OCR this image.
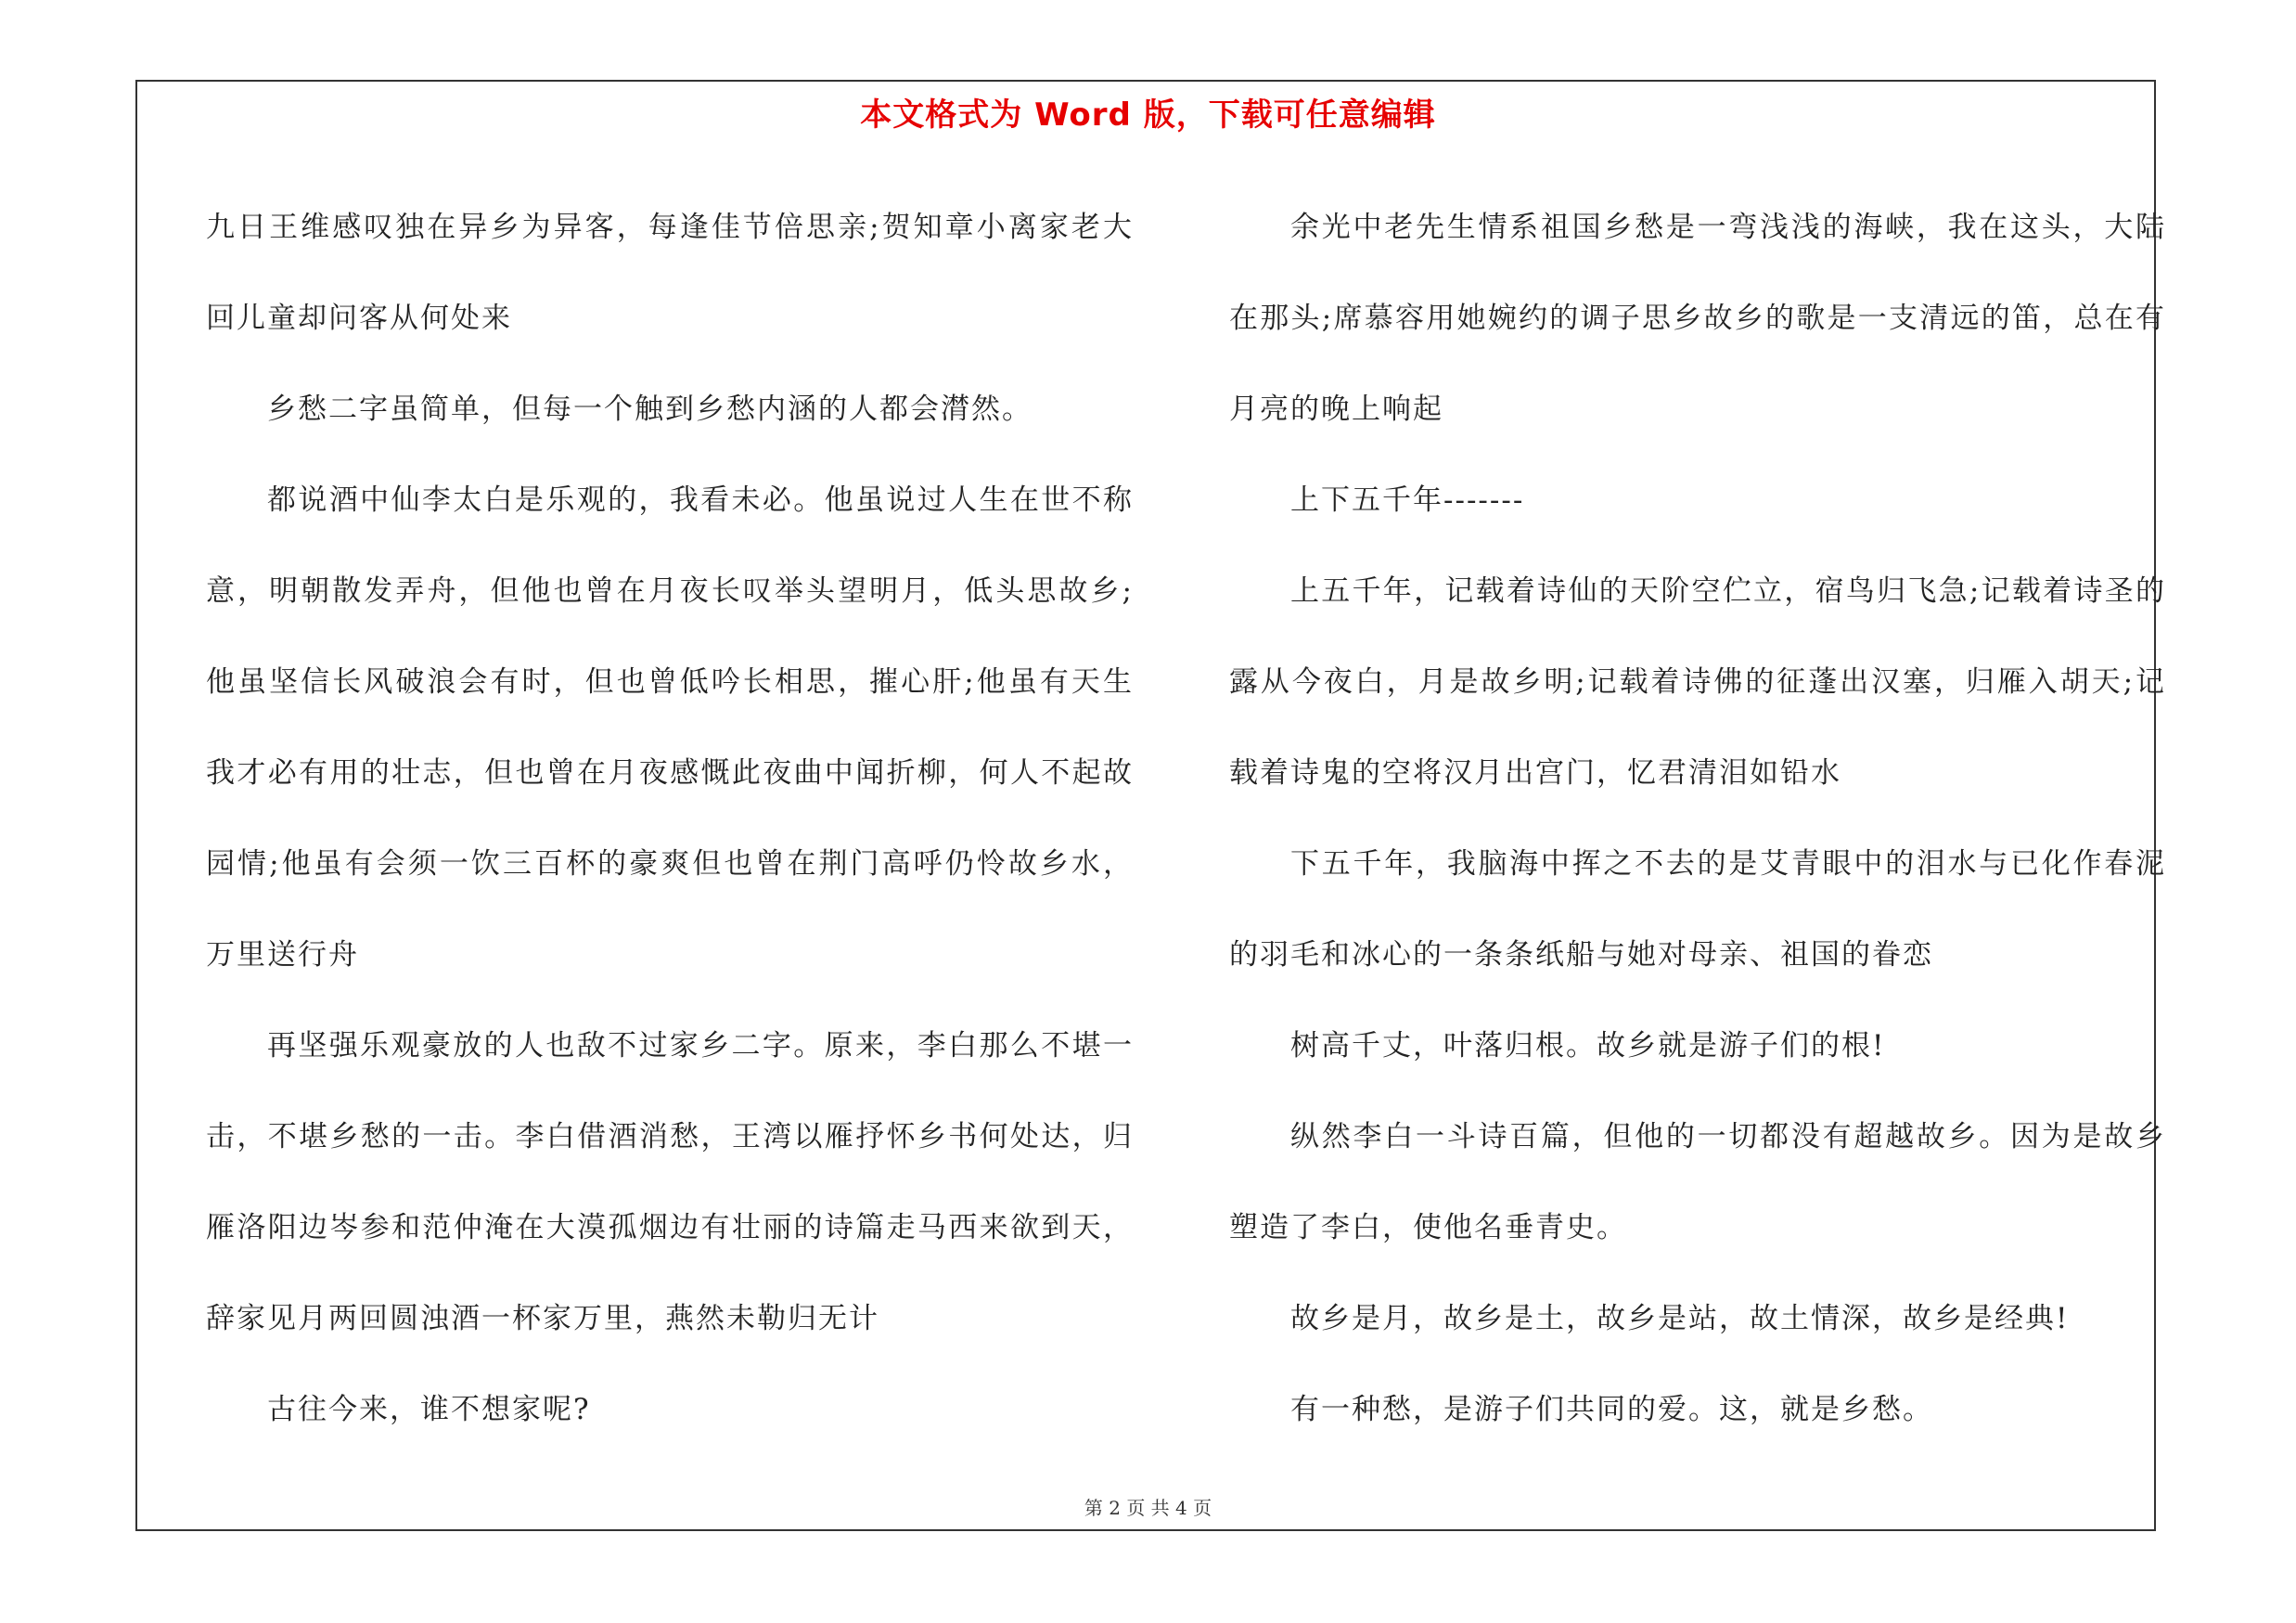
本文格式为 Word 版，下载可任意编辑

九日王维感叹独在异乡为异客，每逢佳节倍思亲;贺知章小离家老大回儿童却问客从何处来

乡愁二字虽简单，但每一个触到乡愁内涵的人都会潸然。

都说酒中仙李太白是乐观的，我看未必。他虽说过人生在世不称意，明朝散发弄舟，但他也曾在月夜长叹举头望明月，低头思故乡;他虽坚信长风破浪会有时，但也曾低吟长相思，摧心肝;他虽有天生我才必有用的壮志，但也曾在月夜感慨此夜曲中闻折柳，何人不起故园情;他虽有会须一饮三百杯的豪爽但也曾在荆门高呼仍怜故乡水，万里送行舟

再坚强乐观豪放的人也敌不过家乡二字。原来，李白那么不堪一击，不堪乡愁的一击。李白借酒消愁，王湾以雁抒怀乡书何处达，归雁洛阳边岑参和范仲淹在大漠孤烟边有壮丽的诗篇走马西来欲到天，辞家见月两回圆浊酒一杯家万里，燕然未勒归无计

古往今来，谁不想家呢?

余光中老先生情系祖国乡愁是一弯浅浅的海峡，我在这头，大陆在那头;席慕容用她婉约的调子思乡故乡的歌是一支清远的笛，总在有月亮的晚上响起

上下五千年-------

上五千年，记载着诗仙的天阶空伫立，宿鸟归飞急;记载着诗圣的露从今夜白，月是故乡明;记载着诗佛的征蓬出汉塞，归雁入胡天;记载着诗鬼的空将汉月出宫门，忆君清泪如铅水

下五千年，我脑海中挥之不去的是艾青眼中的泪水与已化作春泥的羽毛和冰心的一条条纸船与她对母亲、祖国的眷恋

树高千丈，叶落归根。故乡就是游子们的根!

纵然李白一斗诗百篇，但他的一切都没有超越故乡。因为是故乡塑造了李白，使他名垂青史。

故乡是月，故乡是土，故乡是站，故土情深，故乡是经典!

有一种愁，是游子们共同的爱。这，就是乡愁。

第 2 页 共 4 页
